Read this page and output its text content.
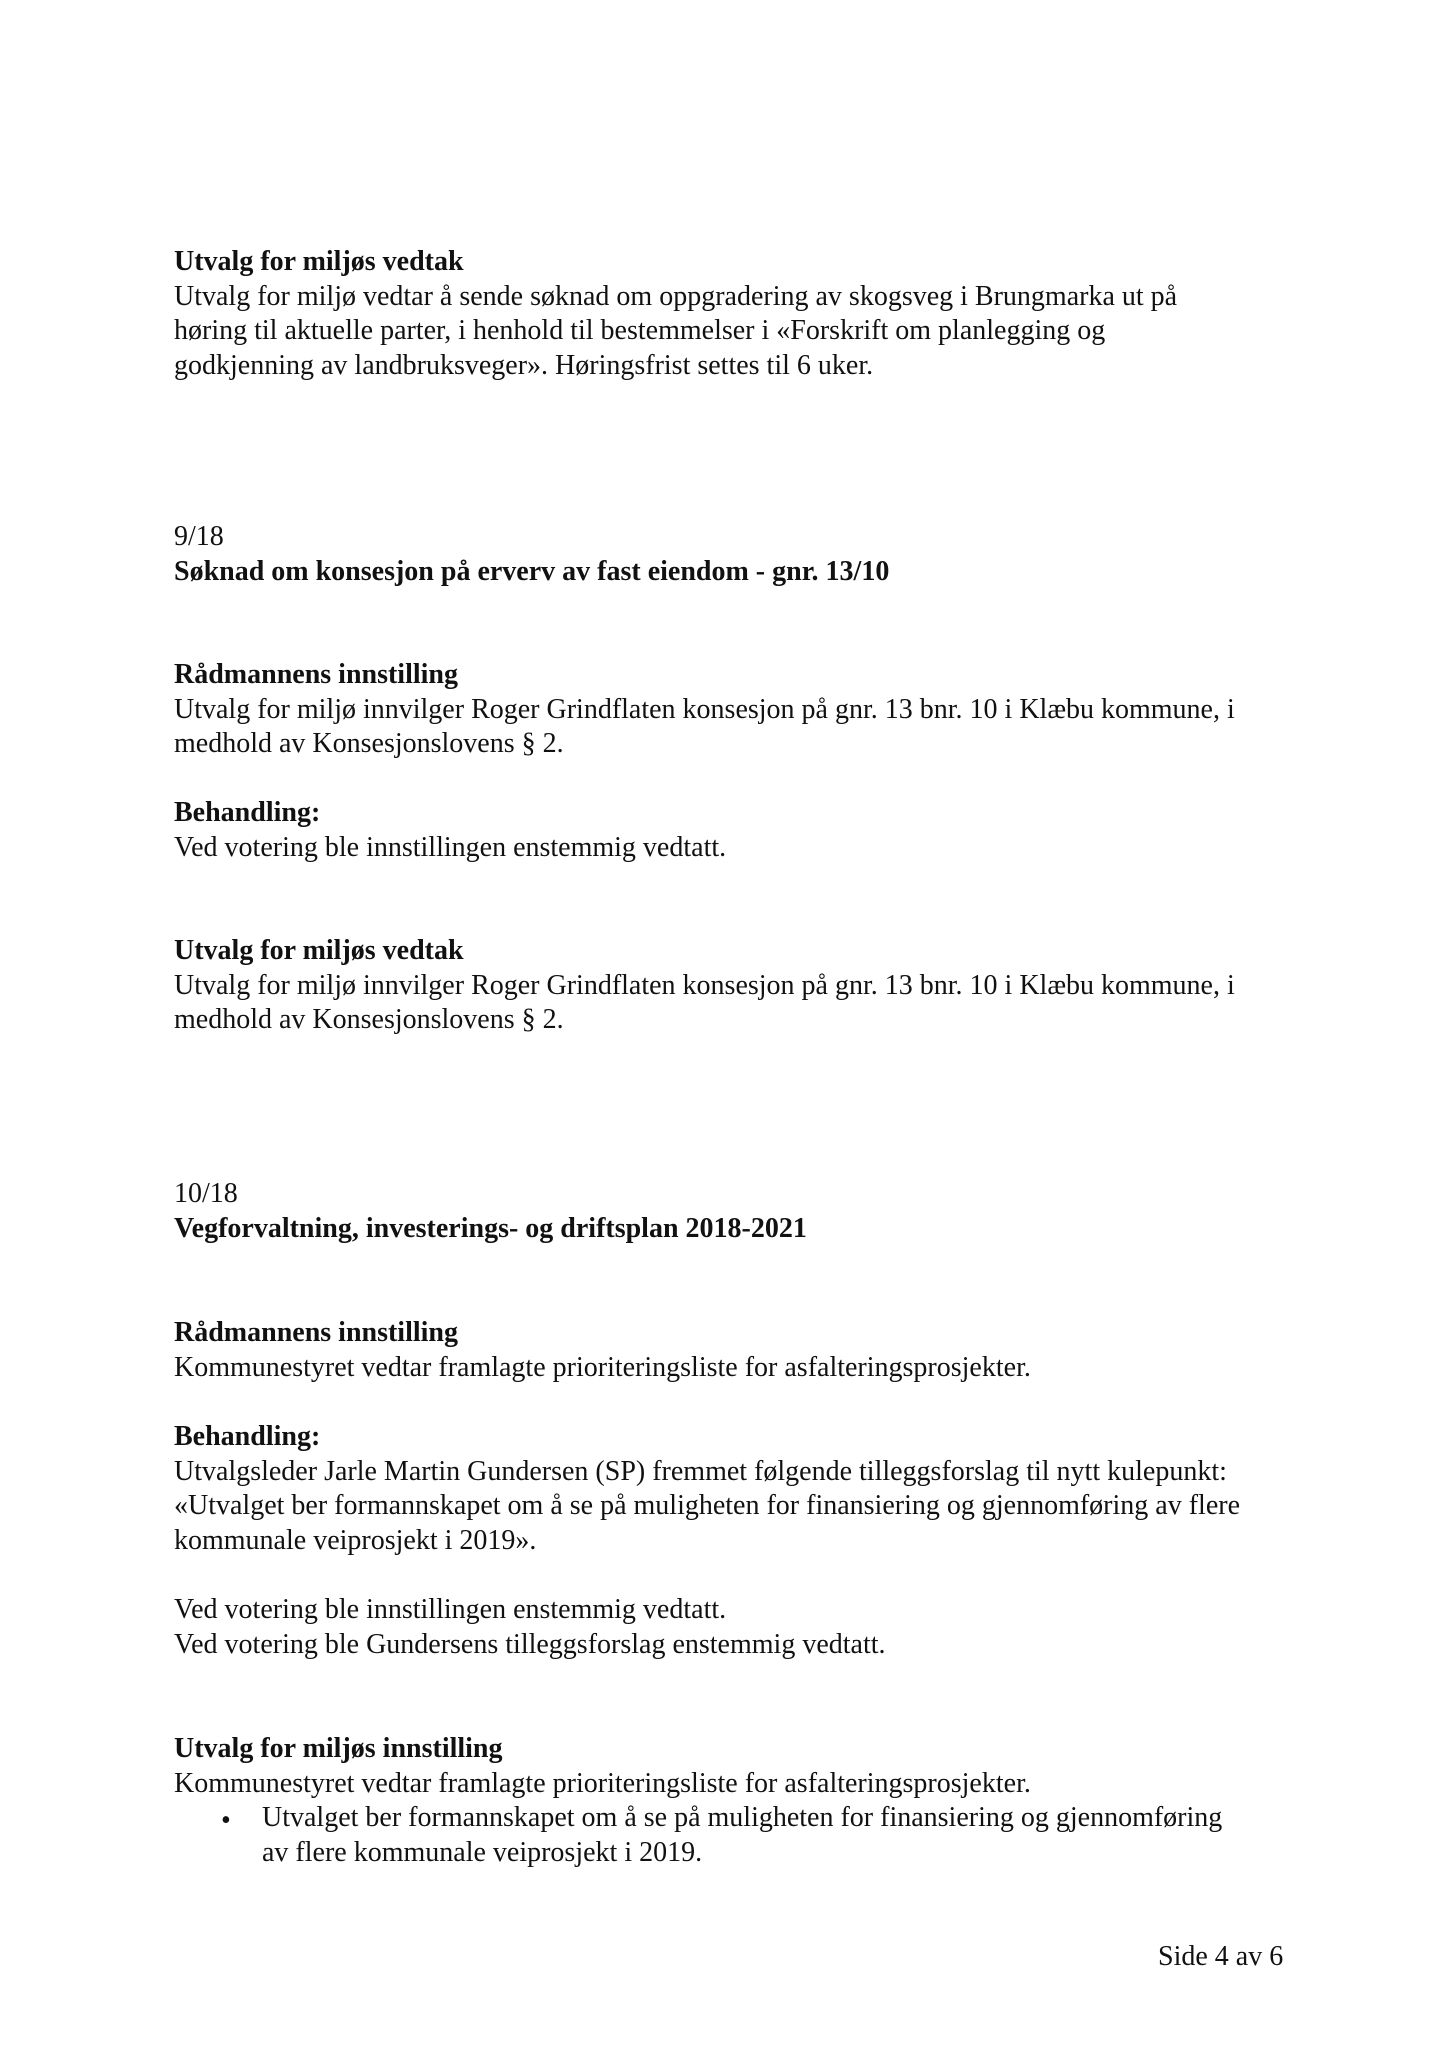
Utvalg for miljøs vedtak
Utvalg for miljø vedtar å sende søknad om oppgradering av skogsveg i Brungmarka ut på
høring til aktuelle parter, i henhold til bestemmelser i «Forskrift om planlegging og
godkjenning av landbruksveger». Høringsfrist settes til 6 uker.
9/18
Søknad om konsesjon på erverv av fast eiendom - gnr. 13/10
Rådmannens innstilling
Utvalg for miljø innvilger Roger Grindflaten konsesjon på gnr. 13 bnr. 10 i Klæbu kommune, i
medhold av Konsesjonslovens § 2.
Behandling:
Ved votering ble innstillingen enstemmig vedtatt.
Utvalg for miljøs vedtak
Utvalg for miljø innvilger Roger Grindflaten konsesjon på gnr. 13 bnr. 10 i Klæbu kommune, i
medhold av Konsesjonslovens § 2.
10/18
Vegforvaltning, investerings- og driftsplan 2018-2021
Rådmannens innstilling
Kommunestyret vedtar framlagte prioriteringsliste for asfalteringsprosjekter.
Behandling:
Utvalgsleder Jarle Martin Gundersen (SP) fremmet følgende tilleggsforslag til nytt kulepunkt:
«Utvalget ber formannskapet om å se på muligheten for finansiering og gjennomføring av flere
kommunale veiprosjekt i 2019».
Ved votering ble innstillingen enstemmig vedtatt.
Ved votering ble Gundersens tilleggsforslag enstemmig vedtatt.
Utvalg for miljøs innstilling
Kommunestyret vedtar framlagte prioriteringsliste for asfalteringsprosjekter.
• Utvalget ber formannskapet om å se på muligheten for finansiering og gjennomføring
av flere kommunale veiprosjekt i 2019.
Side 4 av 6
